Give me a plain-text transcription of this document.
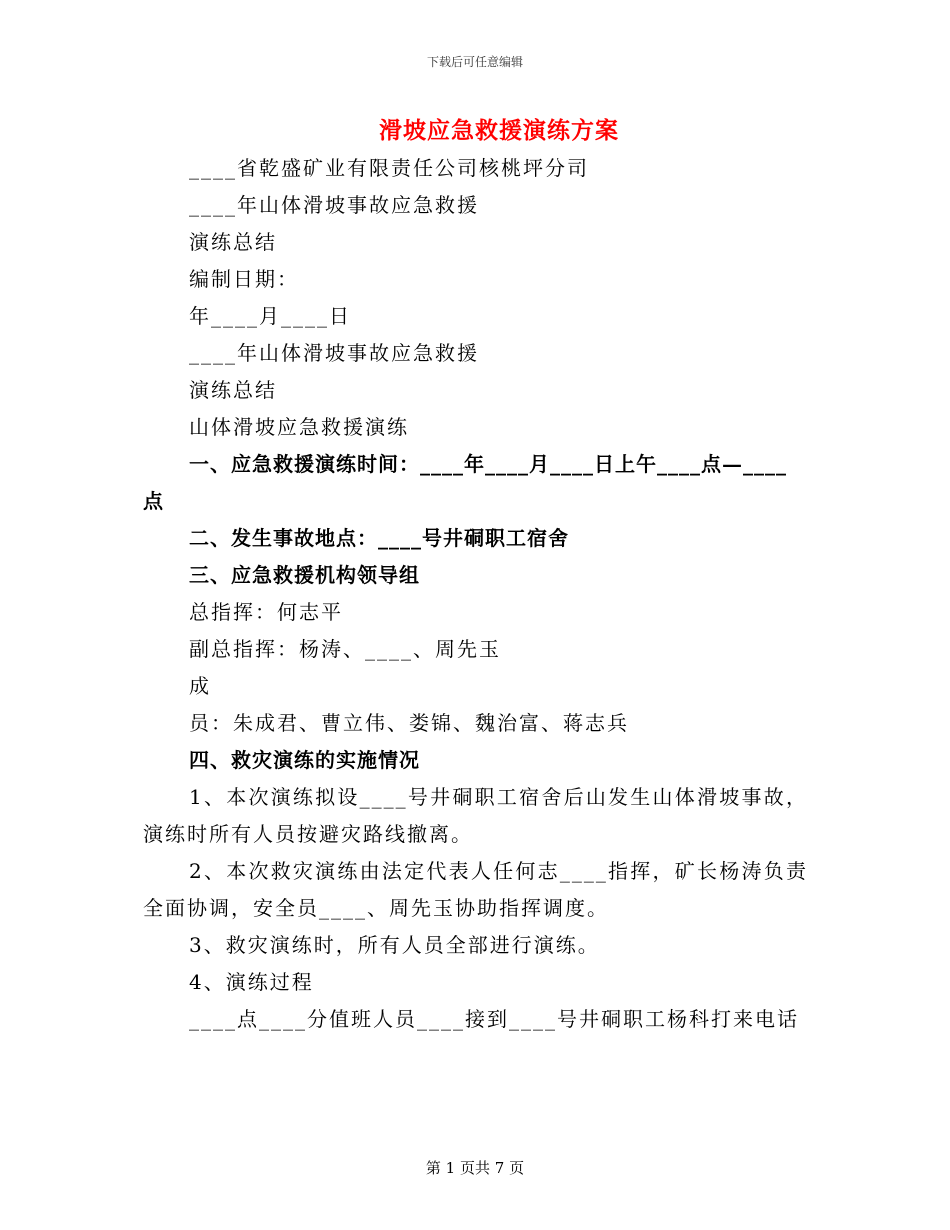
下载后可任意编辑
滑坡应急救援演练方案
____省乾盛矿业有限责任公司核桃坪分司
____年山体滑坡事故应急救援
演练总结
编制日期：
年____月____日
____年山体滑坡事故应急救援
演练总结
山体滑坡应急救援演练
一、应急救援演练时间：____年____月____日上午____点—____
点
二、发生事故地点：____号井硐职工宿舍
三、应急救援机构领导组
总指挥：何志平
副总指挥：杨涛、____、周先玉
成
员：朱成君、曹立伟、娄锦、魏治富、蒋志兵
四、救灾演练的实施情况
1、本次演练拟设____号井硐职工宿舍后山发生山体滑坡事故，演练时所有人员按避灾路线撤离。
2、本次救灾演练由法定代表人任何志____指挥，矿长杨涛负责全面协调，安全员____、周先玉协助指挥调度。
3、救灾演练时，所有人员全部进行演练。
4、演练过程
____点____分值班人员____接到____号井硐职工杨科打来电话
第 1 页共 7 页
